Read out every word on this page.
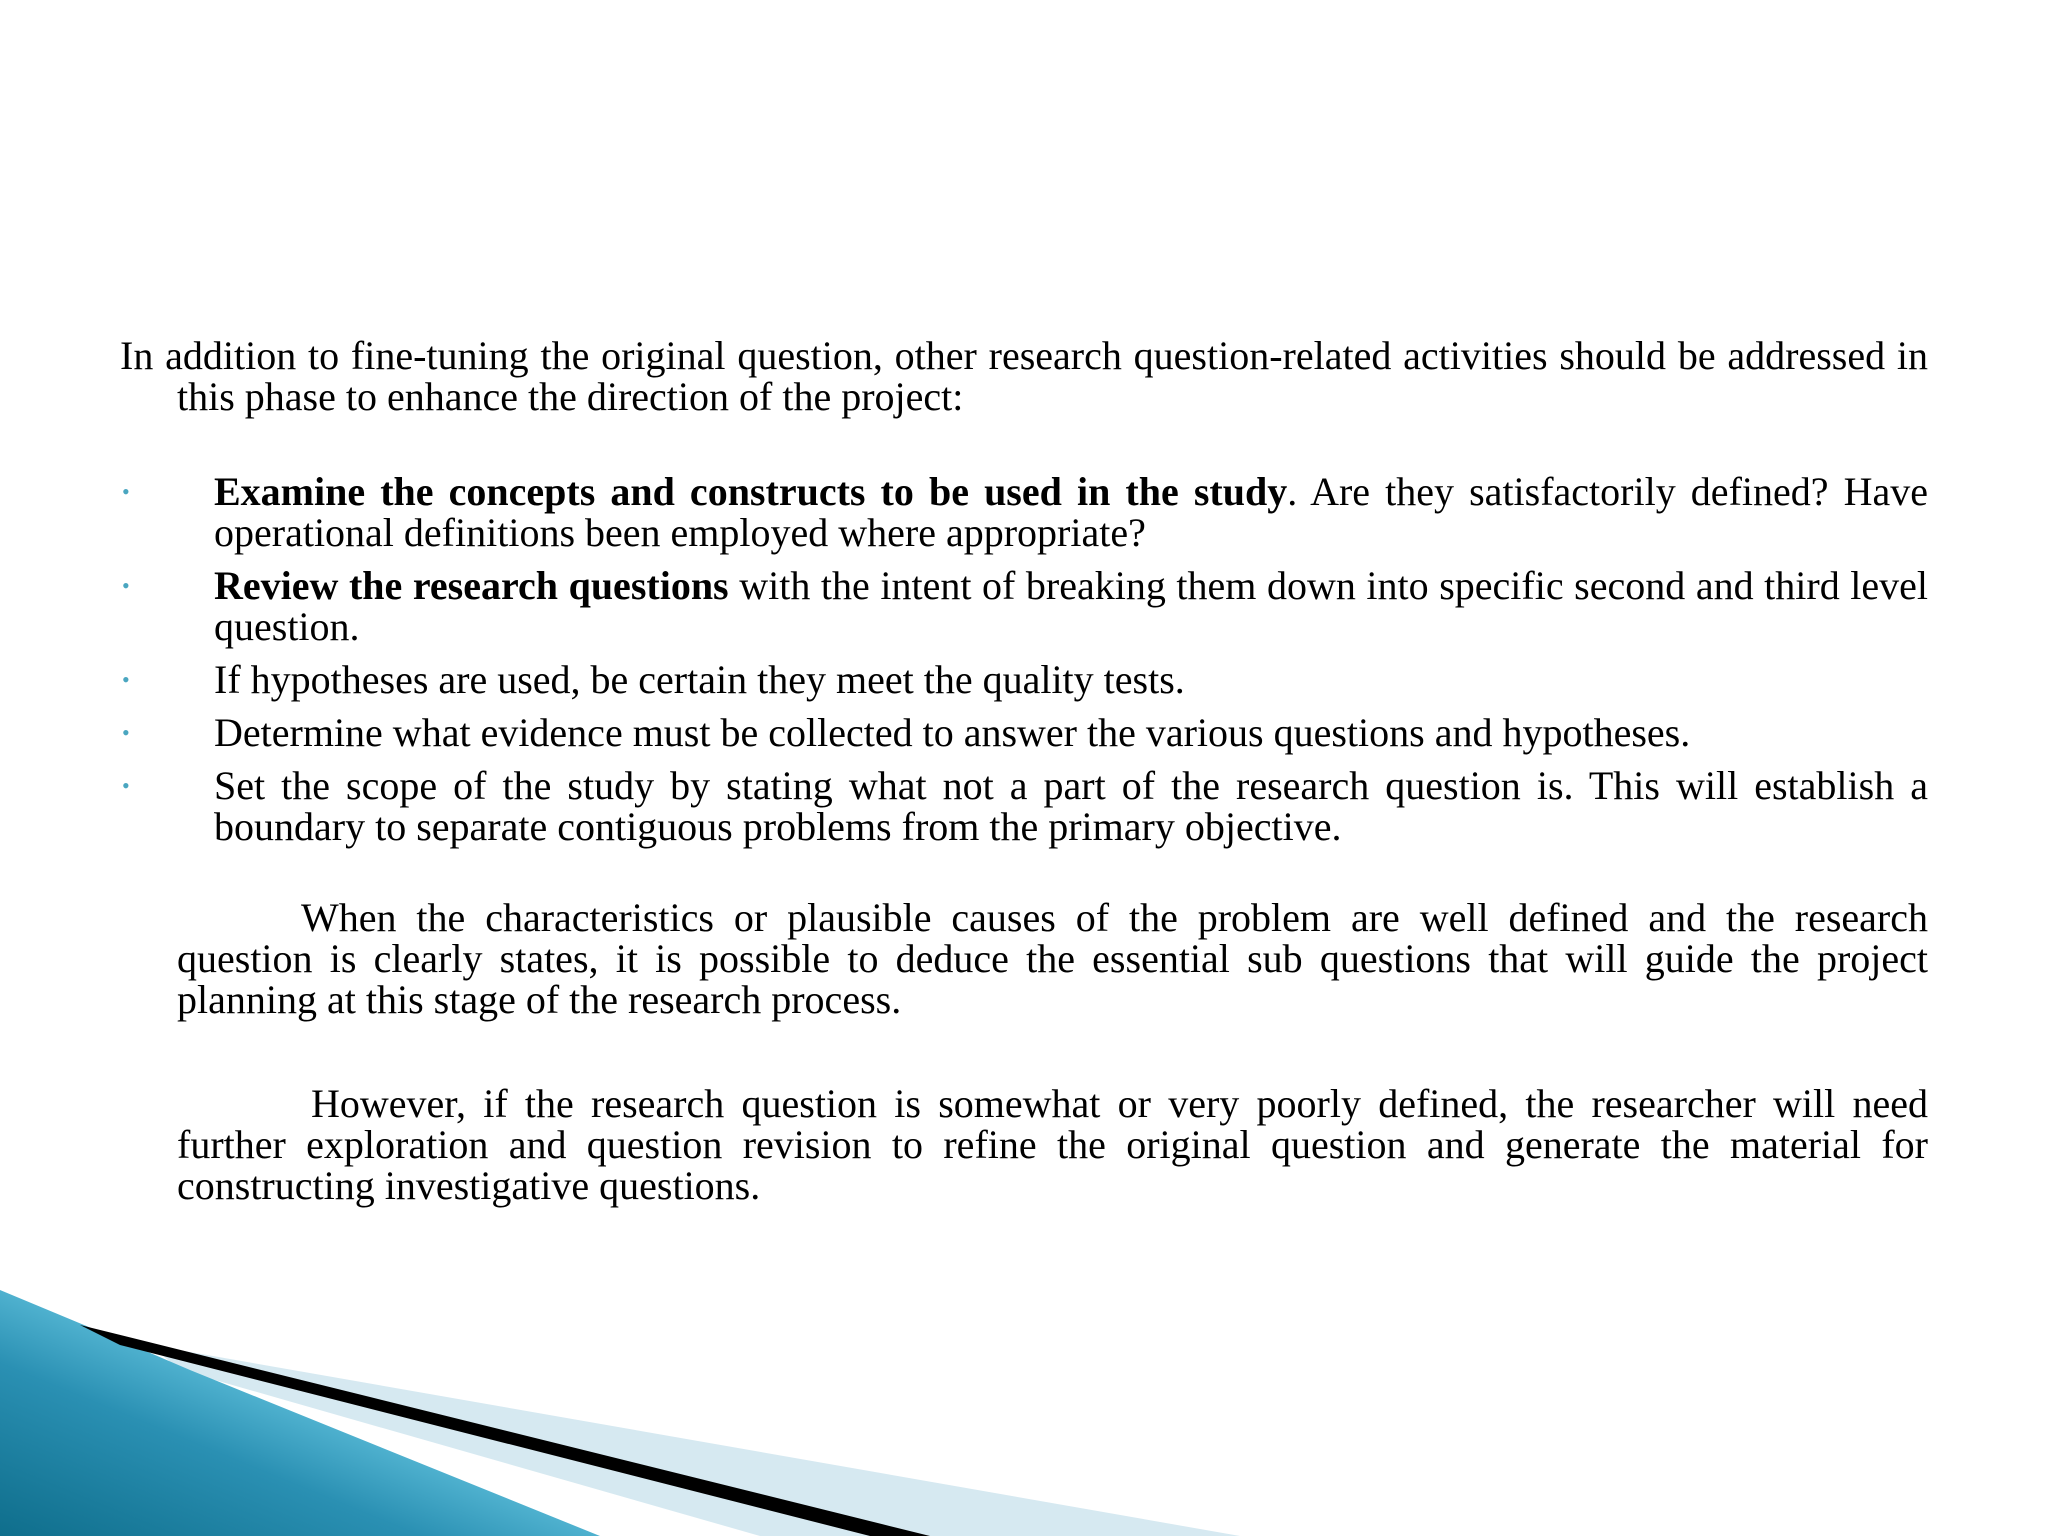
In addition to fine-tuning the original question, other research question-related activities should be addressed in this phase to enhance the direction of the project:

• Examine the concepts and constructs to be used in the study. Are they satisfactorily defined? Have operational definitions been employed where appropriate?
• Review the research questions with the intent of breaking them down into specific second and third level question.
• If hypotheses are used, be certain they meet the quality tests.
• Determine what evidence must be collected to answer the various questions and hypotheses.
• Set the scope of the study by stating what not a part of the research question is. This will establish a boundary to separate contiguous problems from the primary objective.

When the characteristics or plausible causes of the problem are well defined and the research question is clearly states, it is possible to deduce the essential sub questions that will guide the project planning at this stage of the research process.

However, if the research question is somewhat or very poorly defined, the researcher will need further exploration and question revision to refine the original question and generate the material for constructing investigative questions.
